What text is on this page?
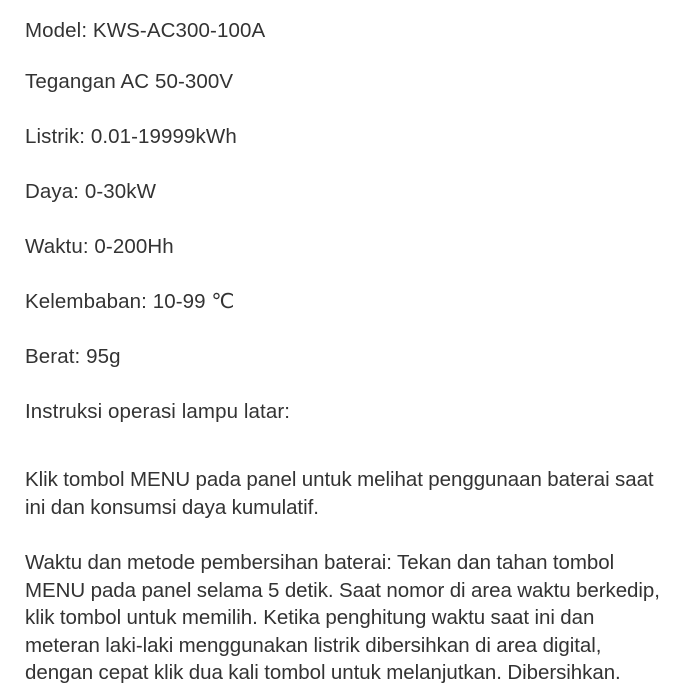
Model: KWS-AC300-100A
Tegangan AC 50-300V
Listrik: 0.01-19999kWh
Daya: 0-30kW
Waktu: 0-200Hh
Kelembaban: 10-99 ℃
Berat: 95g
Instruksi operasi lampu latar:

Klik tombol MENU pada panel untuk melihat penggunaan baterai saat ini dan konsumsi daya kumulatif.

Waktu dan metode pembersihan baterai: Tekan dan tahan tombol MENU pada panel selama 5 detik. Saat nomor di area waktu berkedip, klik tombol untuk memilih. Ketika penghitung waktu saat ini dan meteran laki-laki menggunakan listrik dibersihkan di area digital, dengan cepat klik dua kali tombol untuk melanjutkan. Dibersihkan.
